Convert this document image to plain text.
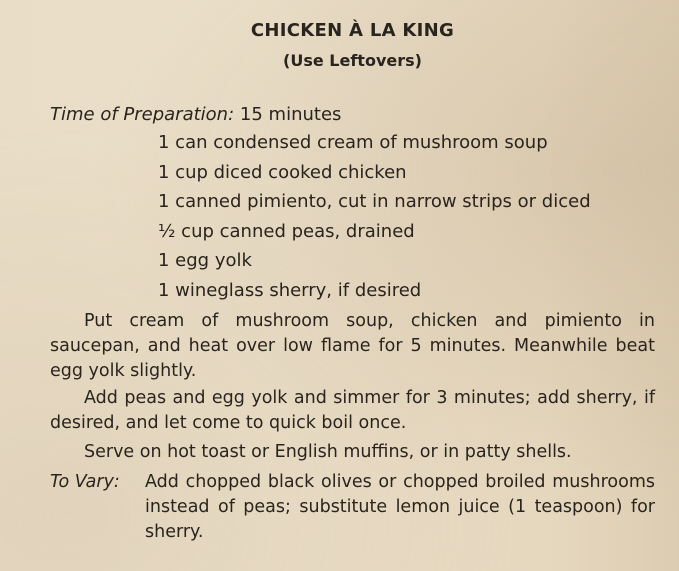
CHICKEN À LA KING
(Use Leftovers)
Time of Preparation: 15 minutes
1 can condensed cream of mushroom soup
1 cup diced cooked chicken
1 canned pimiento, cut in narrow strips or diced
½ cup canned peas, drained
1 egg yolk
1 wineglass sherry, if desired
Put cream of mushroom soup, chicken and pimiento in saucepan, and heat over low flame for 5 minutes. Meanwhile beat egg yolk slightly.
Add peas and egg yolk and simmer for 3 minutes; add sherry, if desired, and let come to quick boil once.
Serve on hot toast or English muffins, or in patty shells.
To Vary: Add chopped black olives or chopped broiled mushrooms instead of peas; substitute lemon juice (1 teaspoon) for sherry.
